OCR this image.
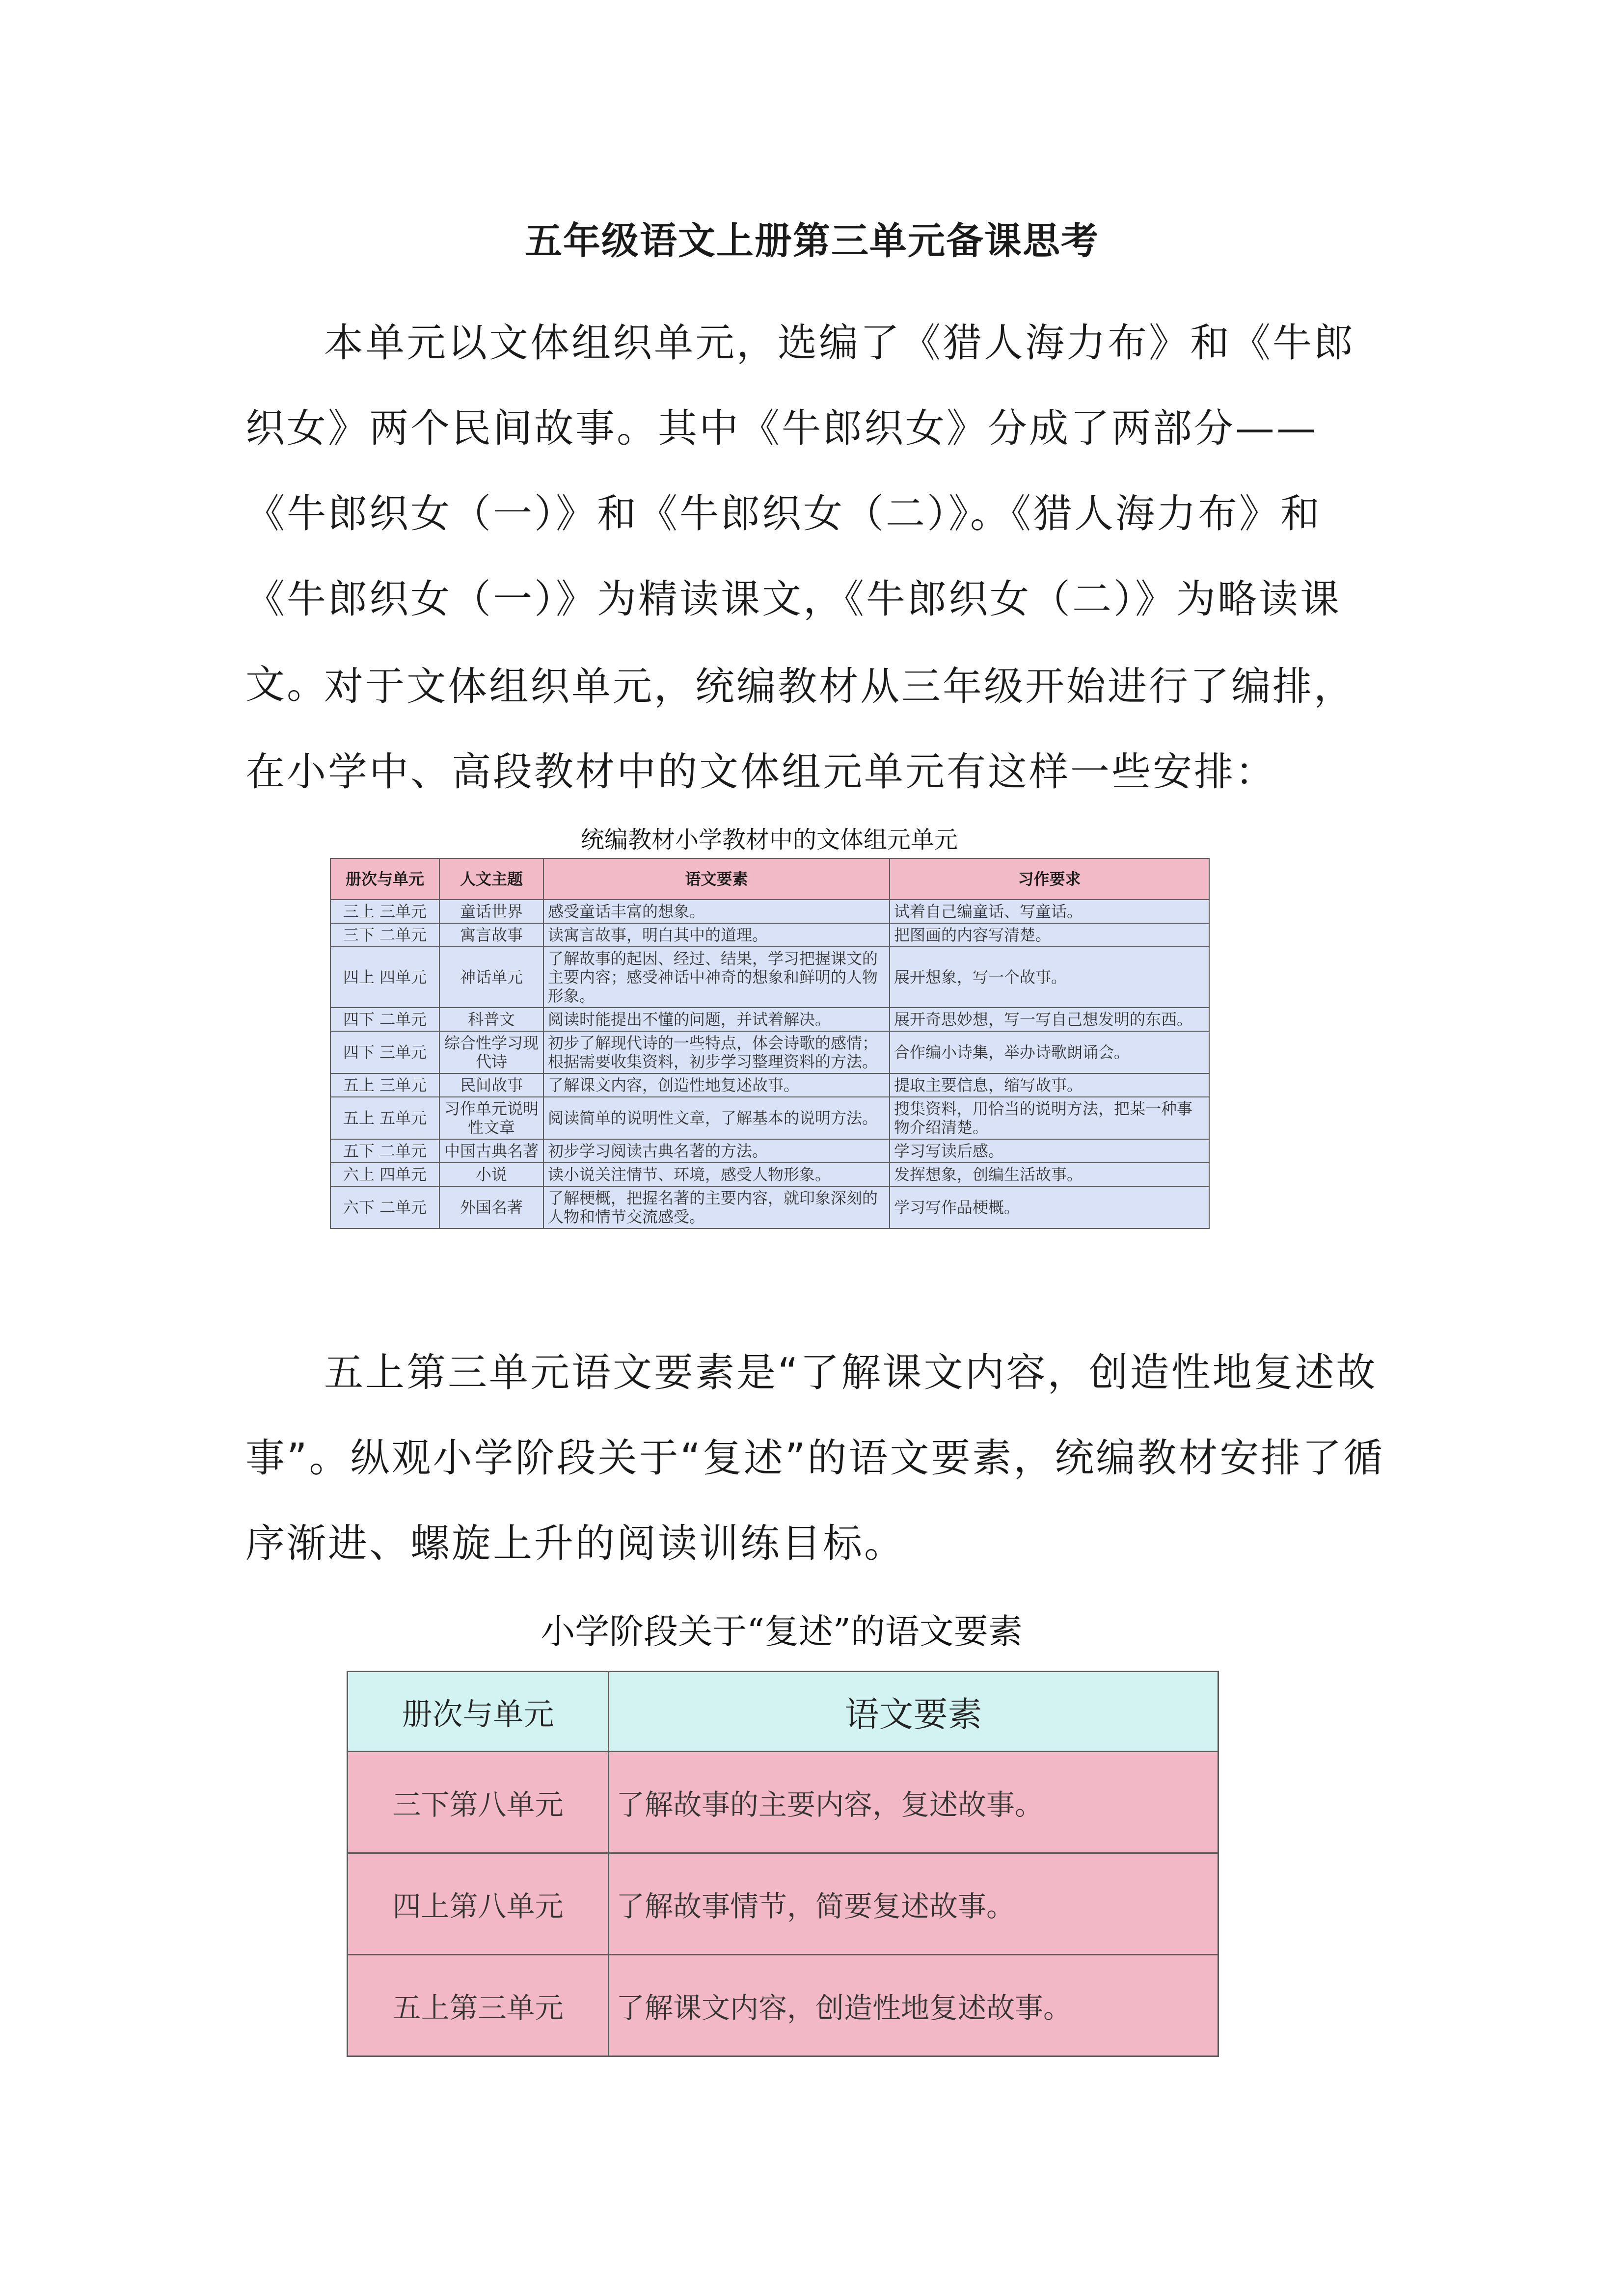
五年级语文上册第三单元备课思考

本单元以文体组织单元，选编了《猎人海力布》和《牛郎织女》两个民间故事。其中《牛郎织女》分成了两部分——《牛郎织女（一）》和《牛郎织女（二）》。《猎人海力布》和《牛郎织女（一）》为精读课文，《牛郎织女（二）》为略读课文。

对于文体组织单元，统编教材从三年级开始进行了编排，在小学中、高段教材中的文体组元单元有这样一些安排：

统编教材小学教材中的文体组元单元
册次与单元	人文主题	语文要素	习作要求
三上 三单元	童话世界	感受童话丰富的想象。	试着自己编童话、写童话。
三下 二单元	寓言故事	读寓言故事，明白其中的道理。	把图画的内容写清楚。
四上 四单元	神话单元	了解故事的起因、经过、结果，学习把握课文的主要内容；感受神话中神奇的想象和鲜明的人物形象。	展开想象，写一个故事。
四下 二单元	科普文	阅读时能提出不懂的问题，并试着解决。	展开奇思妙想，写一写自己想发明的东西。
四下 三单元	综合性学习现代诗	初步了解现代诗的一些特点，体会诗歌的感情；根据需要收集资料，初步学习整理资料的方法。	合作编小诗集，举办诗歌朗诵会。
五上 三单元	民间故事	了解课文内容，创造性地复述故事。	提取主要信息，缩写故事。
五上 五单元	习作单元说明性文章	阅读简单的说明性文章，了解基本的说明方法。	搜集资料，用恰当的说明方法，把某一种事物介绍清楚。
五下 二单元	中国古典名著	初步学习阅读古典名著的方法。	学习写读后感。
六上 四单元	小说	读小说关注情节、环境，感受人物形象。	发挥想象，创编生活故事。
六下 二单元	外国名著	了解梗概，把握名著的主要内容，就印象深刻的人物和情节交流感受。	学习写作品梗概。

五上第三单元语文要素是“了解课文内容，创造性地复述故事”。纵观小学阶段关于“复述”的语文要素，统编教材安排了循序渐进、螺旋上升的阅读训练目标。

小学阶段关于“复述”的语文要素
册次与单元	语文要素
三下第八单元	了解故事的主要内容，复述故事。
四上第八单元	了解故事情节，简要复述故事。
五上第三单元	了解课文内容，创造性地复述故事。
